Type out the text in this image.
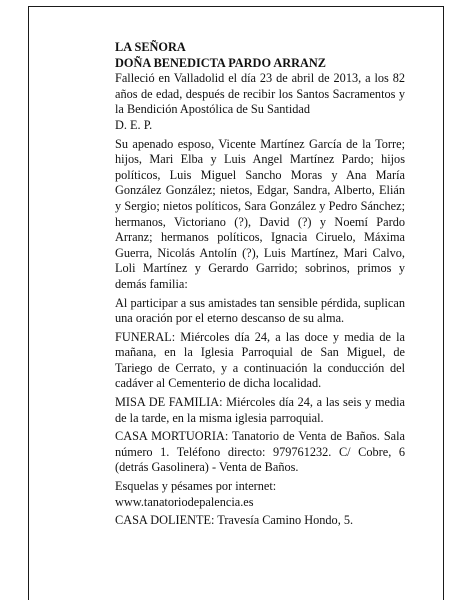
LA SEÑORA

DOÑA BENEDICTA PARDO ARRANZ

Falleció en Valladolid el día 23 de abril de 2013, a los 82 años de edad, después de recibir los Santos Sacramentos y la Bendición Apostólica de Su Santidad

D. E. P.

Su apenado esposo, Vicente Martínez García de la Torre; hijos, Mari Elba y Luis Angel Martínez Pardo; hijos políticos, Luis Miguel Sancho Moras y Ana María González González; nietos, Edgar, Sandra, Alberto, Elián y Sergio; nietos políticos, Sara González y Pedro Sánchez; hermanos, Victoriano (?), David (?) y Noemí Pardo Arranz; hermanos políticos, Ignacia Ciruelo, Máxima Guerra, Nicolás Antolín (?), Luis Martínez, Mari Calvo, Loli Martínez y Gerardo Garrido; sobrinos, primos y demás familia:

Al participar a sus amistades tan sensible pérdida, suplican una oración por el eterno descanso de su alma.

FUNERAL: Miércoles día 24, a las doce y media de la mañana, en la Iglesia Parroquial de San Miguel, de Tariego de Cerrato, y a continuación la conducción del cadáver al Cementerio de dicha localidad.

MISA DE FAMILIA: Miércoles día 24, a las seis y media de la tarde, en la misma iglesia parroquial.

CASA MORTUORIA: Tanatorio de Venta de Baños. Sala número 1. Teléfono directo: 979761232. C/ Cobre, 6 (detrás Gasolinera) - Venta de Baños.

Esquelas y pésames por internet:

www.tanatoriodepalencia.es

CASA DOLIENTE: Travesía Camino Hondo, 5.
